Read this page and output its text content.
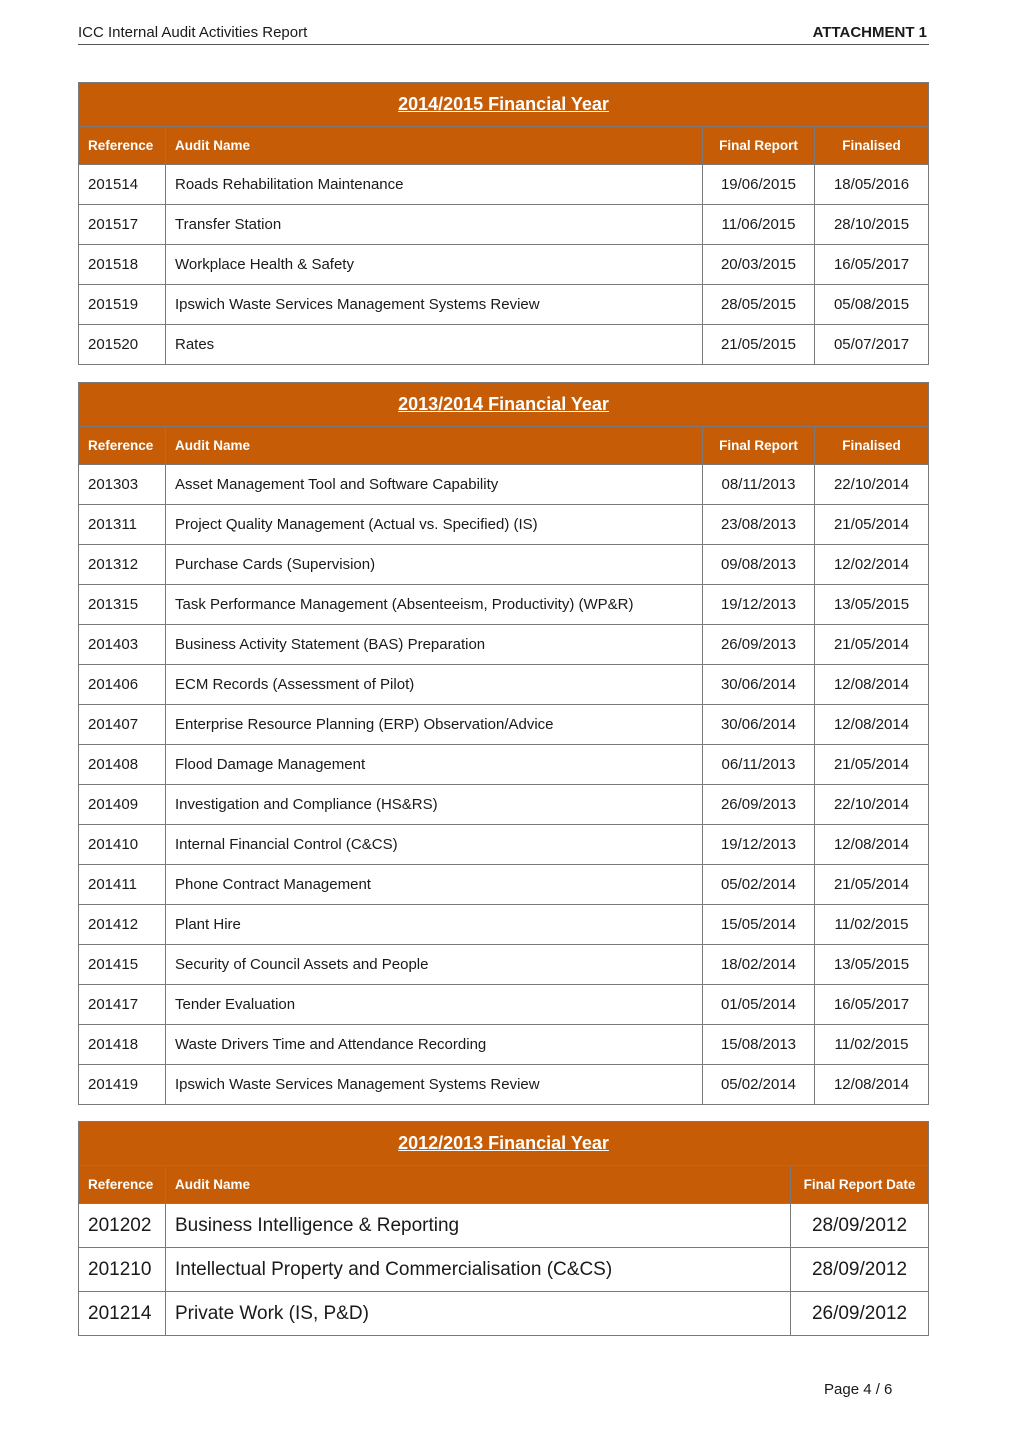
ICC Internal Audit Activities Report	ATTACHMENT 1
2014/2015 Financial Year			
Reference	Audit Name	Final Report	Finalised
201514	Roads Rehabilitation Maintenance	19/06/2015	18/05/2016
201517	Transfer Station	11/06/2015	28/10/2015
201518	Workplace Health & Safety	20/03/2015	16/05/2017
201519	Ipswich Waste Services Management Systems Review	28/05/2015	05/08/2015
201520	Rates	21/05/2015	05/07/2017
2013/2014 Financial Year			
Reference	Audit Name	Final Report	Finalised
201303	Asset Management Tool and Software Capability	08/11/2013	22/10/2014
201311	Project Quality Management (Actual vs. Specified) (IS)	23/08/2013	21/05/2014
201312	Purchase Cards (Supervision)	09/08/2013	12/02/2014
201315	Task Performance Management (Absenteeism, Productivity) (WP&R)	19/12/2013	13/05/2015
201403	Business Activity Statement (BAS) Preparation	26/09/2013	21/05/2014
201406	ECM Records (Assessment of Pilot)	30/06/2014	12/08/2014
201407	Enterprise Resource Planning (ERP) Observation/Advice	30/06/2014	12/08/2014
201408	Flood Damage Management	06/11/2013	21/05/2014
201409	Investigation and Compliance (HS&RS)	26/09/2013	22/10/2014
201410	Internal Financial Control (C&CS)	19/12/2013	12/08/2014
201411	Phone Contract Management	05/02/2014	21/05/2014
201412	Plant Hire	15/05/2014	11/02/2015
201415	Security of Council Assets and People	18/02/2014	13/05/2015
201417	Tender Evaluation	01/05/2014	16/05/2017
201418	Waste Drivers Time and Attendance Recording	15/08/2013	11/02/2015
201419	Ipswich Waste Services Management Systems Review	05/02/2014	12/08/2014
2012/2013 Financial Year		
Reference	Audit Name	Final Report Date
201202	Business Intelligence & Reporting	28/09/2012
201210	Intellectual Property and Commercialisation (C&CS)	28/09/2012
201214	Private Work (IS, P&D)	26/09/2012
Page 4 / 6
